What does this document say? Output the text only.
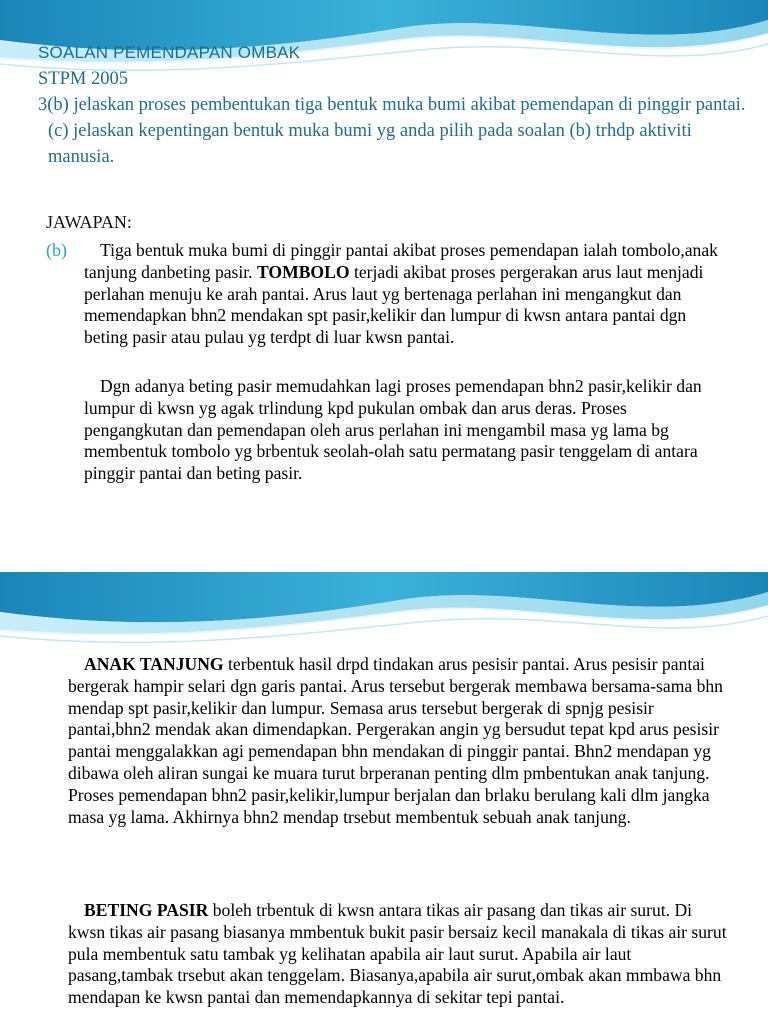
SOALAN PEMENDAPAN OMBAK
STPM 2005
3(b) jelaskan proses pembentukan tiga bentuk muka bumi akibat pemendapan di pinggir pantai.
(c) jelaskan kepentingan bentuk muka bumi yg anda pilih pada soalan (b) trhdp aktiviti manusia.
JAWAPAN:
(b)	Tiga bentuk muka bumi di pinggir pantai akibat proses pemendapan ialah tombolo,anak tanjung danbeting pasir. TOMBOLO terjadi akibat proses pergerakan arus laut menjadi perlahan menuju ke arah pantai. Arus laut yg bertenaga perlahan ini mengangkut dan memendapkan bhn2 mendakan spt pasir,kelikir dan lumpur di kwsn antara pantai dgn beting pasir atau pulau yg terdpt di luar kwsn pantai.
Dgn adanya beting pasir memudahkan lagi proses pemendapan bhn2 pasir,kelikir dan lumpur di kwsn yg agak trlindung kpd pukulan ombak dan arus deras. Proses pengangkutan dan pemendapan oleh arus perlahan ini mengambil masa yg lama bg membentuk tombolo yg brbentuk seolah-olah satu permatang pasir tenggelam di antara pinggir pantai dan beting pasir.
ANAK TANJUNG terbentuk hasil drpd tindakan arus pesisir pantai. Arus pesisir pantai bergerak hampir selari dgn garis pantai. Arus tersebut bergerak membawa bersama-sama bhn mendap spt pasir,kelikir dan lumpur. Semasa arus tersebut bergerak di spnjg pesisir pantai,bhn2 mendak akan dimendapkan. Pergerakan angin yg bersudut tepat kpd arus pesisir pantai menggalakkan agi pemendapan bhn mendakan di pinggir pantai. Bhn2 mendapan yg dibawa oleh aliran sungai ke muara turut brperanan penting dlm pmbentukan anak tanjung. Proses pemendapan bhn2 pasir,kelikir,lumpur berjalan dan brlaku berulang kali dlm jangka masa yg lama. Akhirnya bhn2 mendap trsebut membentuk sebuah anak tanjung.
BETING PASIR boleh trbentuk di kwsn antara tikas air pasang dan tikas air surut. Di kwsn tikas air pasang biasanya mmbentuk bukit pasir bersaiz kecil manakala di tikas air surut pula membentuk satu tambak yg kelihatan apabila air laut surut. Apabila air laut pasang,tambak trsebut akan tenggelam. Biasanya,apabila air surut,ombak akan mmbawa bhn mendapan ke kwsn pantai dan memendapkannya di sekitar tepi pantai.
